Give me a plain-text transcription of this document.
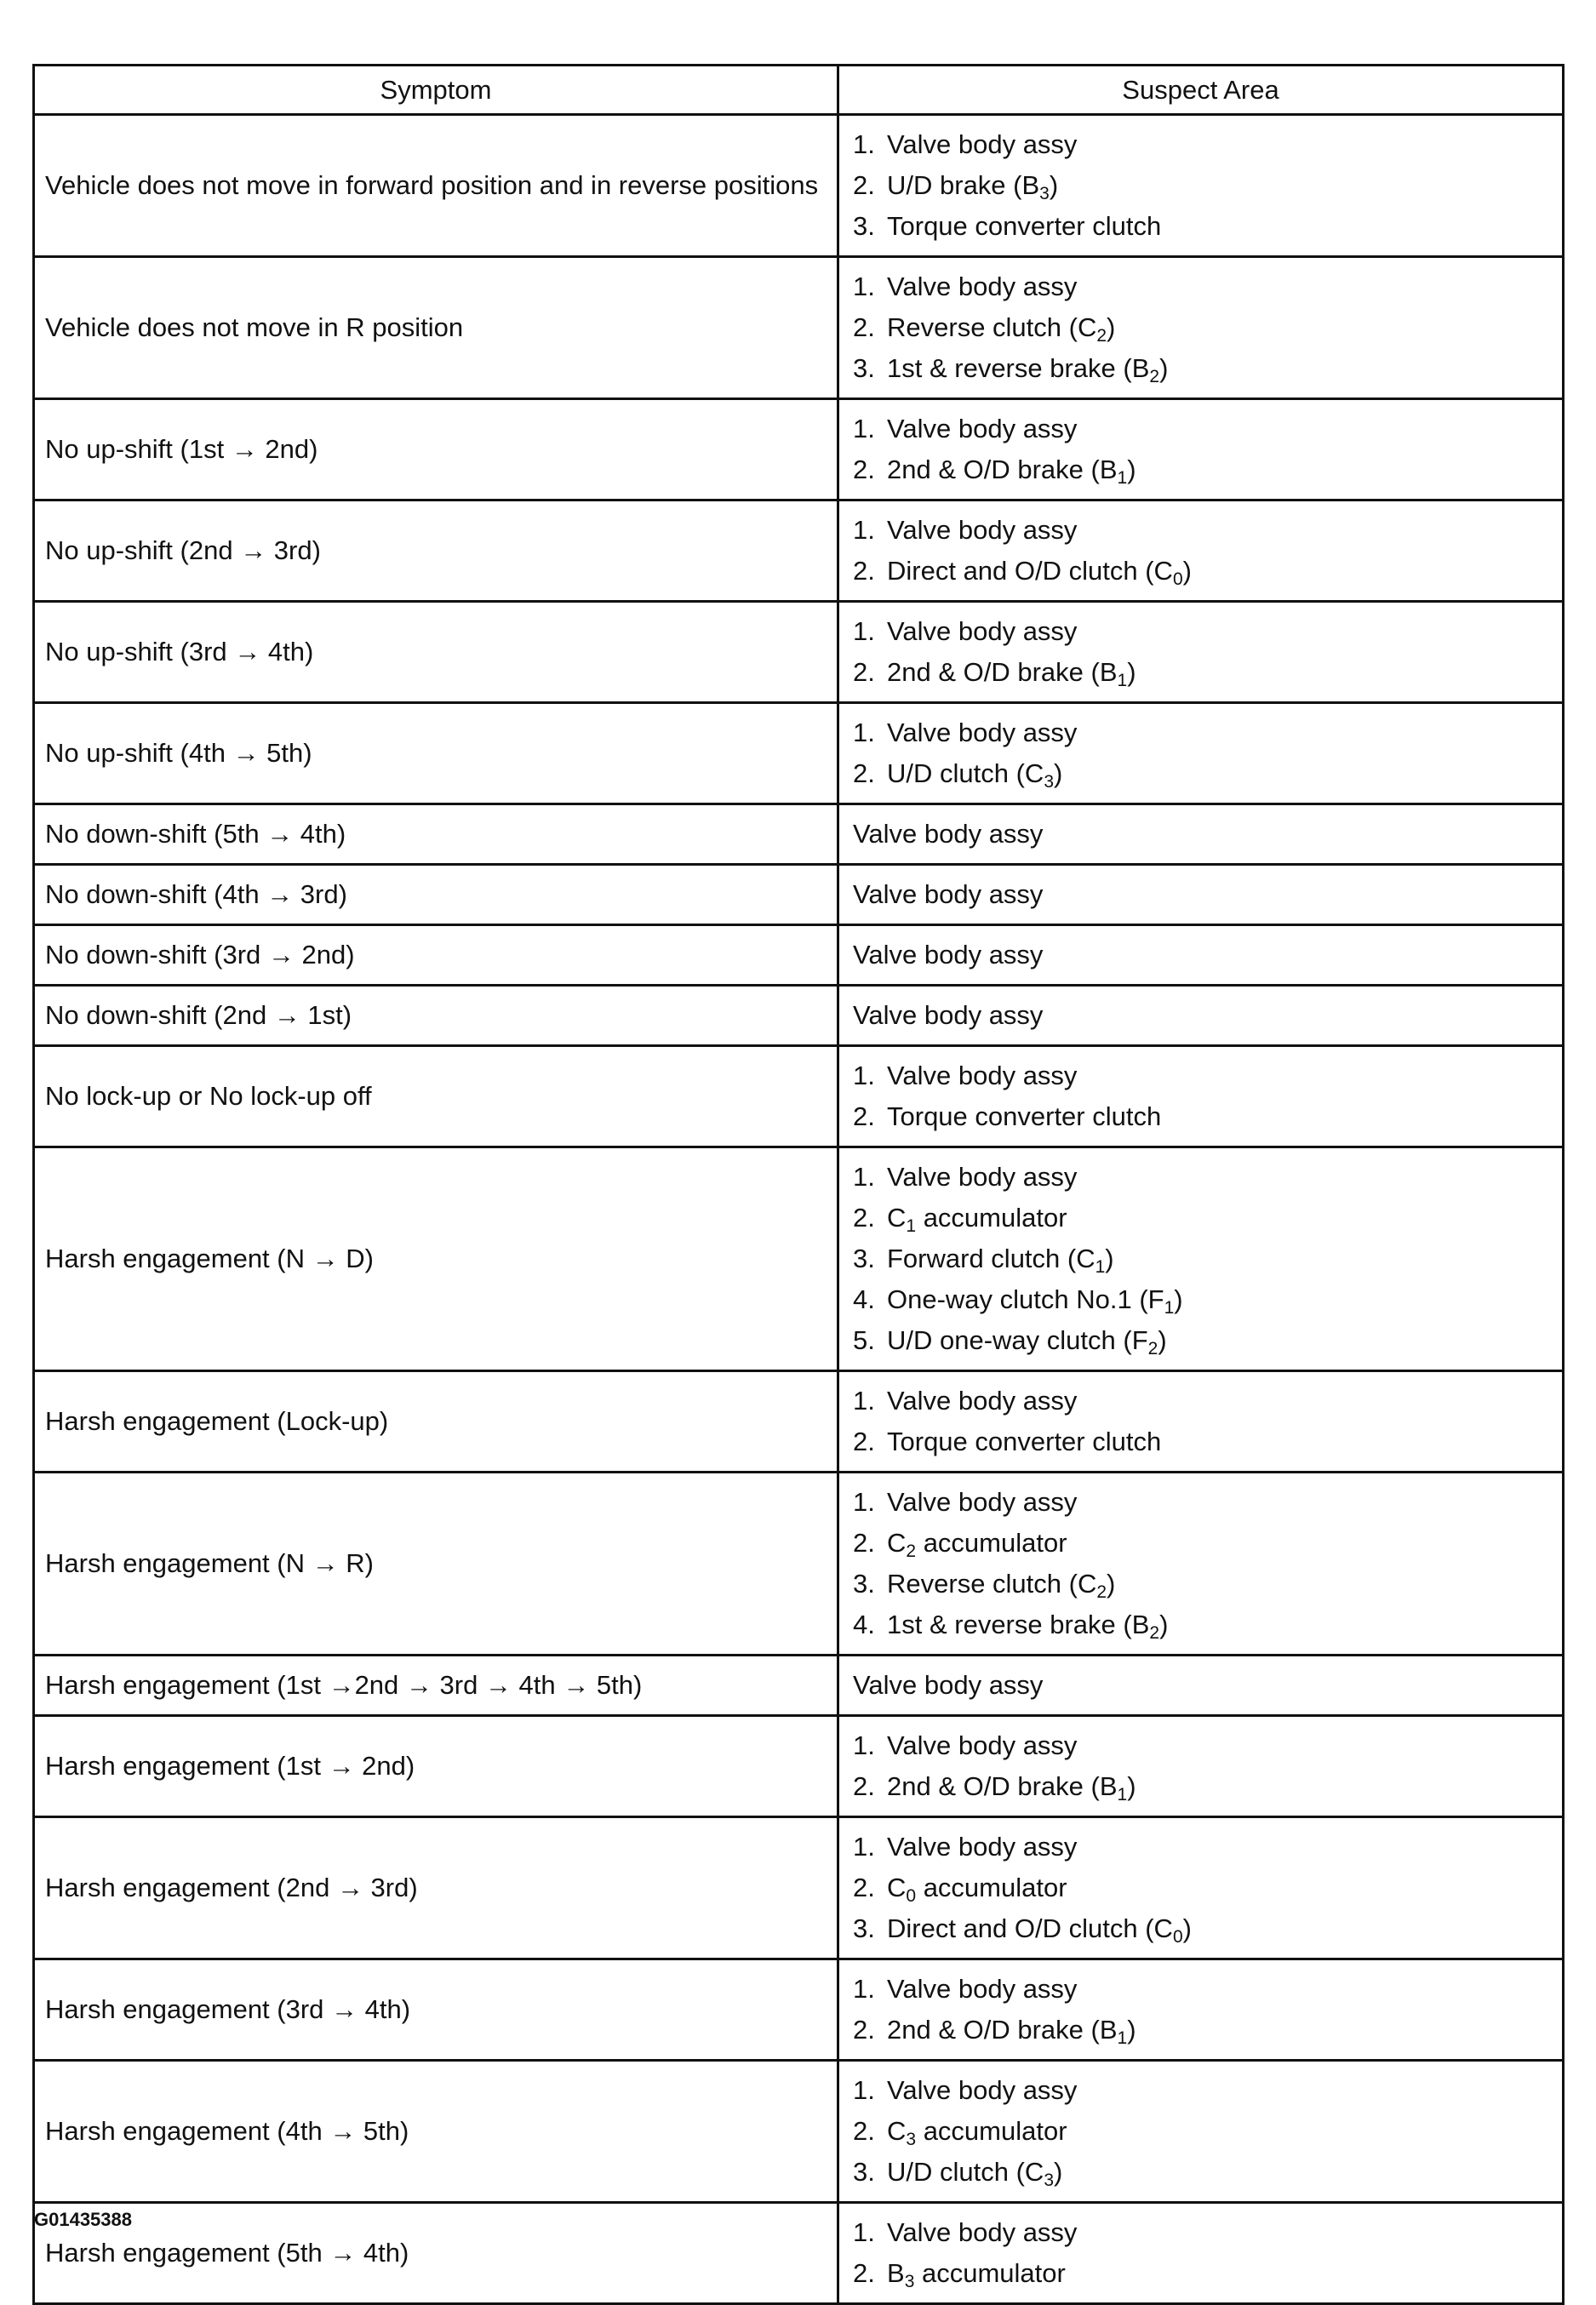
Symptom	Suspect Area
Vehicle does not move in forward position and in reverse positions	1. Valve body assy
2. U/D brake $(B_3)$
3. Torque converter clutch

Vehicle does not move in R position	1. Valve body assy
2. Reverse clutch $(C_2)$
3. 1st & reverse brake $(B_2)$

No up-shift (1st → 2nd)	1. Valve body assy
2. 2nd & O/D brake $(B_1)$

No up-shift (2nd → 3rd)	1. Valve body assy
2. Direct and O/D clutch $(C_0)$

No up-shift (3rd → 4th)	1. Valve body assy
2. 2nd & O/D brake $(B_1)$

No up-shift (4th → 5th)	1. Valve body assy
2. U/D clutch $(C_3)$

No down-shift (5th → 4th)	Valve body assy
No down-shift (4th → 3rd)	Valve body assy
No down-shift (3rd → 2nd)	Valve body assy
No down-shift (2nd → 1st)	Valve body assy
No lock-up or No lock-up off	1. Valve body assy
2. Torque converter clutch

Harsh engagement (N → D)	1. Valve body assy
2. $C_1$ accumulator
3. Forward clutch $(C_1)$
4. One-way clutch No.1 $(F_1)$
5. U/D one-way clutch $(F_2)$

Harsh engagement (Lock-up)	1. Valve body assy
2. Torque converter clutch

Harsh engagement (N → R)	1. Valve body assy
2. $C_2$ accumulator
3. Reverse clutch $(C_2)$
4. 1st & reverse brake $(B_2)$

Harsh engagement (1st →2nd → 3rd → 4th → 5th)	Valve body assy
Harsh engagement (1st → 2nd)	1. Valve body assy
2. 2nd & O/D brake $(B_1)$

Harsh engagement (2nd → 3rd)	1. Valve body assy
2. $C_0$ accumulator
3. Direct and O/D clutch $(C_0)$

Harsh engagement (3rd → 4th)	1. Valve body assy
2. 2nd & O/D brake $(B_1)$

Harsh engagement (4th → 5th)	1. Valve body assy
2. $C_3$ accumulator
3. U/D clutch $(C_3)$

Harsh engagement (5th → 4th)	1. Valve body assy
2. $B_3$ accumulator
G01435388
